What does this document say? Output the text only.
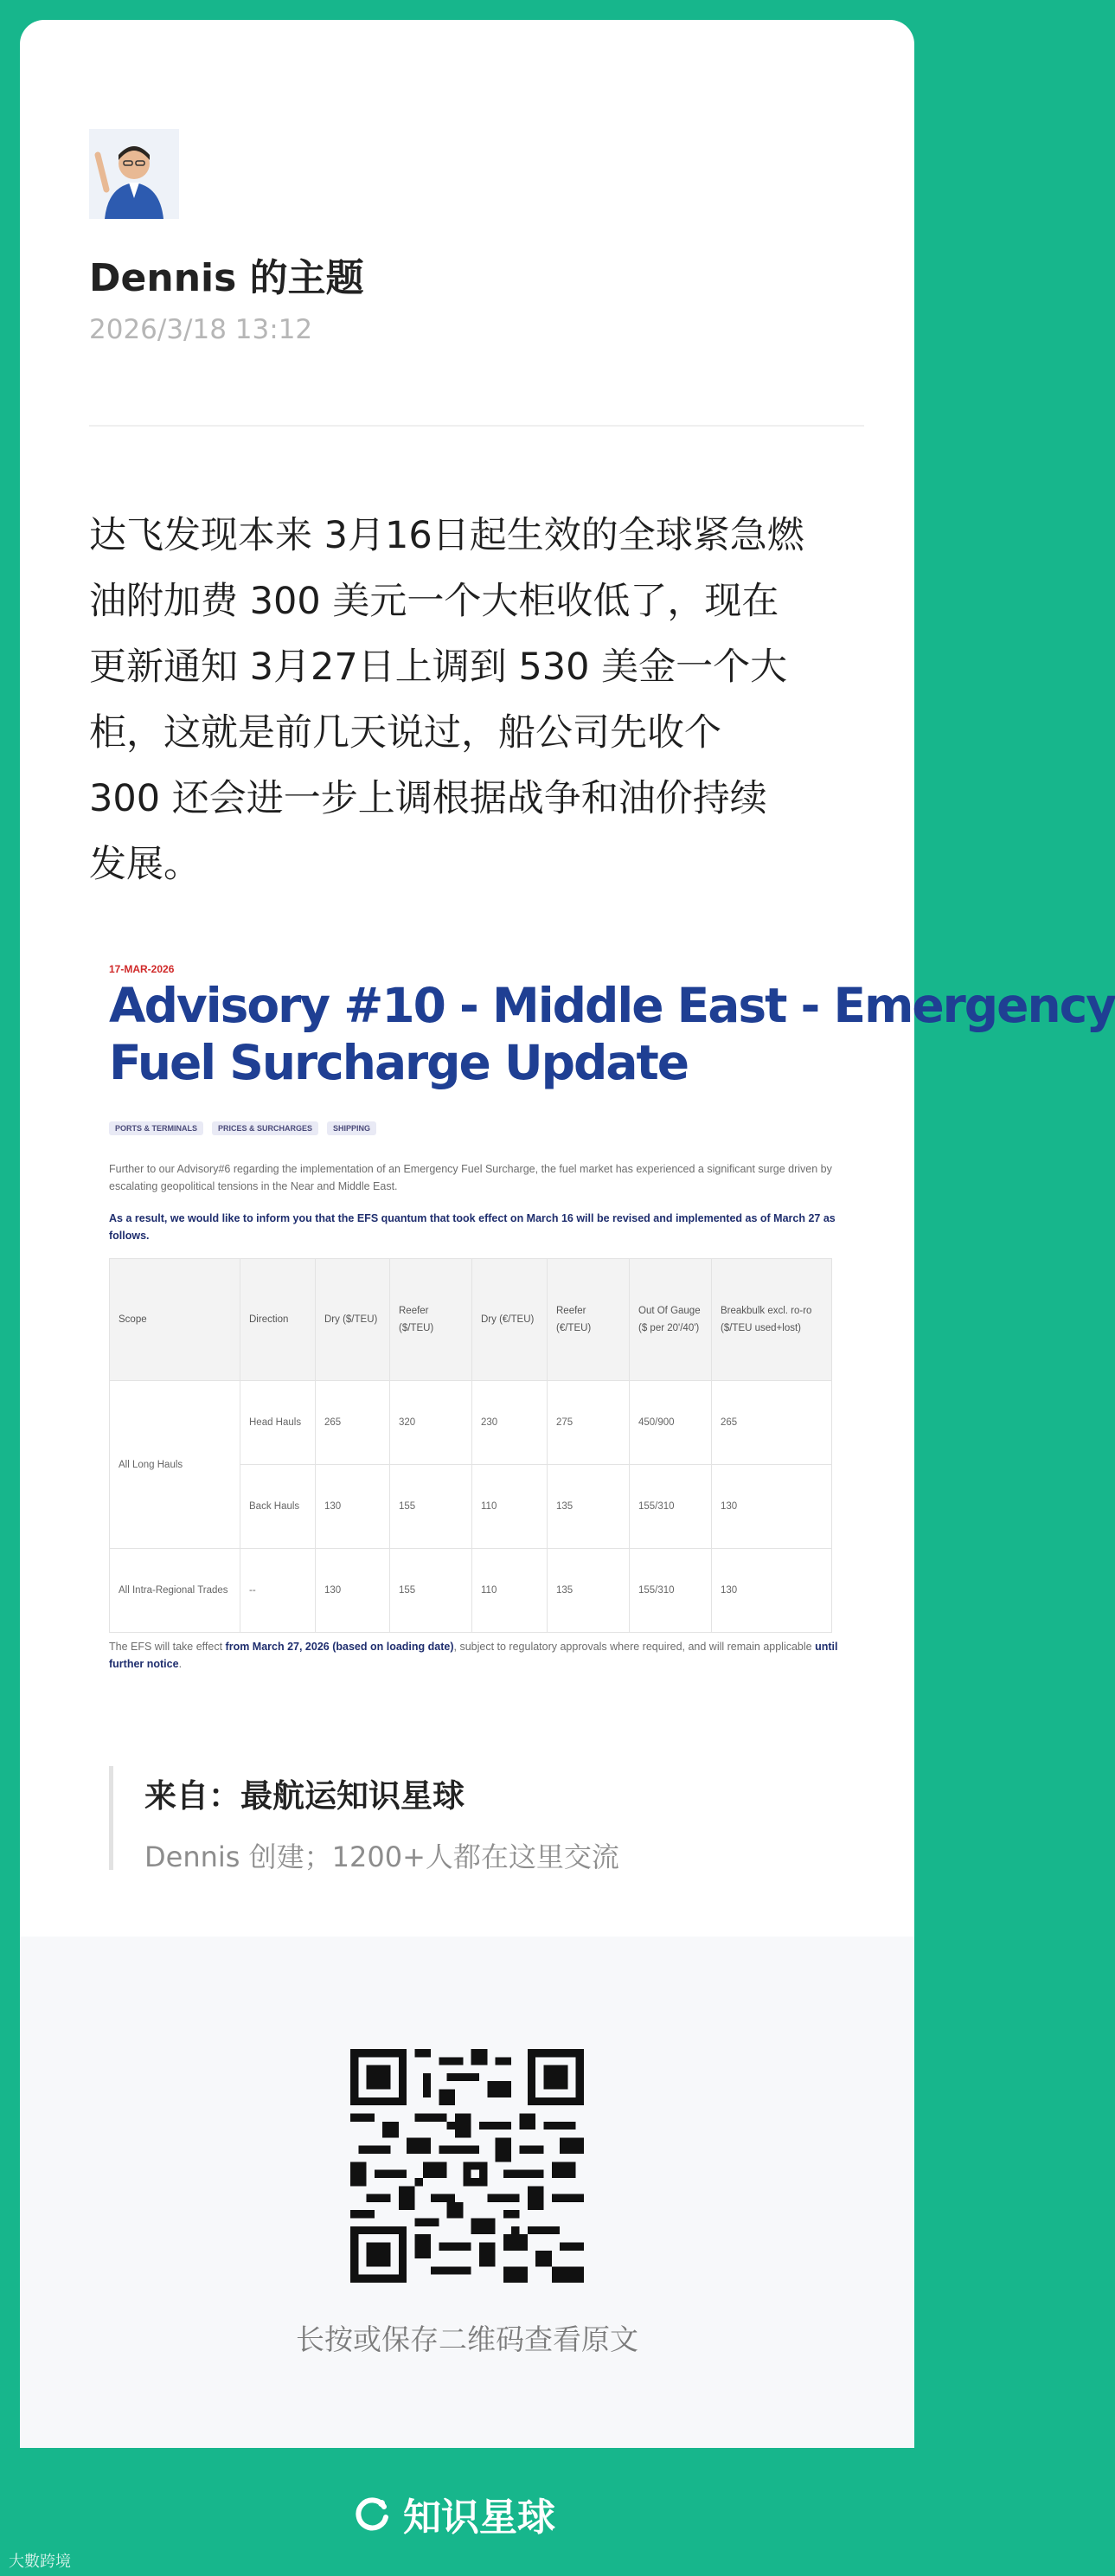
Dennis 的主题
2026/3/18 13:12

达飞发现本来 3月16日起生效的全球紧急燃

油附加费 300 美元一个大柜收低了，现在

更新通知 3月27日上调到 530 美金一个大

柜，这就是前几天说过，船公司先收个

300 还会进一步上调根据战争和油价持续

发展。

17-MAR-2026
Advisory #10 - Middle East - Emergency
Fuel Surcharge Update
PORTS & TERMINALS	PRICES & SURCHARGES	SHIPPING
Further to our Advisory#6 regarding the implementation of an Emergency Fuel Surcharge, the fuel market has experienced a significant surge driven by escalating geopolitical tensions in the Near and Middle East.
As a result, we would like to inform you that the EFS quantum that took effect on March 16 will be revised and implemented as of March 27 as follows.
Scope	Direction	Dry ($/TEU)	Reefer ($/TEU)	Dry (€/TEU)	Reefer (€/TEU)	Out Of Gauge ($ per 20'/40')	Breakbulk excl. ro-ro ($/TEU used+lost)
All Long Hauls	Head Hauls	265	320	230	275	450/900	265
	Back Hauls	130	155	110	135	155/310	130
All Intra-Regional Trades	--	130	155	110	135	155/310	130
The EFS will take effect from March 27, 2026 (based on loading date), subject to regulatory approvals where required, and will remain applicable until further notice.
来自：最航运知识星球
Dennis 创建；1200+人都在这里交流
长按或保存二维码查看原文
知识星球
大數跨境
